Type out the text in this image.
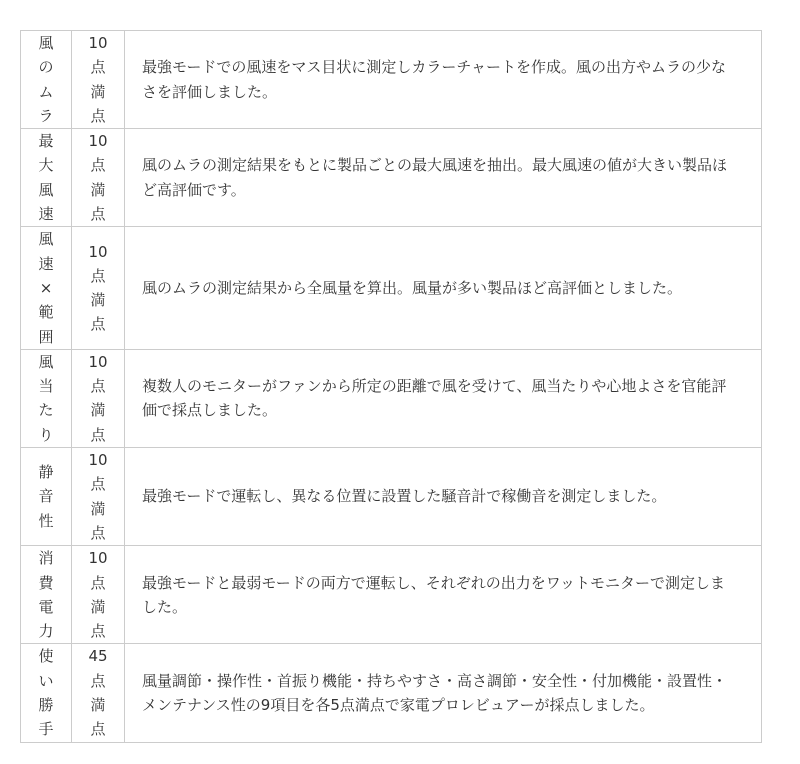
風のムラ	10点満点	最強モードでの風速をマス目状に測定しカラーチャートを作成。風の出方やムラの少なさを評価しました。
最大風速	10点満点	風のムラの測定結果をもとに製品ごとの最大風速を抽出。最大風速の値が大きい製品ほど高評価です。
風速×範囲	10点満点	風のムラの測定結果から全風量を算出。風量が多い製品ほど高評価としました。
風当たり	10点満点	複数人のモニターがファンから所定の距離で風を受けて、風当たりや心地よさを官能評価で採点しました。
静音性	10点満点	最強モードで運転し、異なる位置に設置した騒音計で稼働音を測定しました。
消費電力	10点満点	最強モードと最弱モードの両方で運転し、それぞれの出力をワットモニターで測定しました。
使い勝手	45点満点	風量調節・操作性・首振り機能・持ちやすさ・高さ調節・安全性・付加機能・設置性・メンテナンス性の9項目を各5点満点で家電プロレビュアーが採点しました。
